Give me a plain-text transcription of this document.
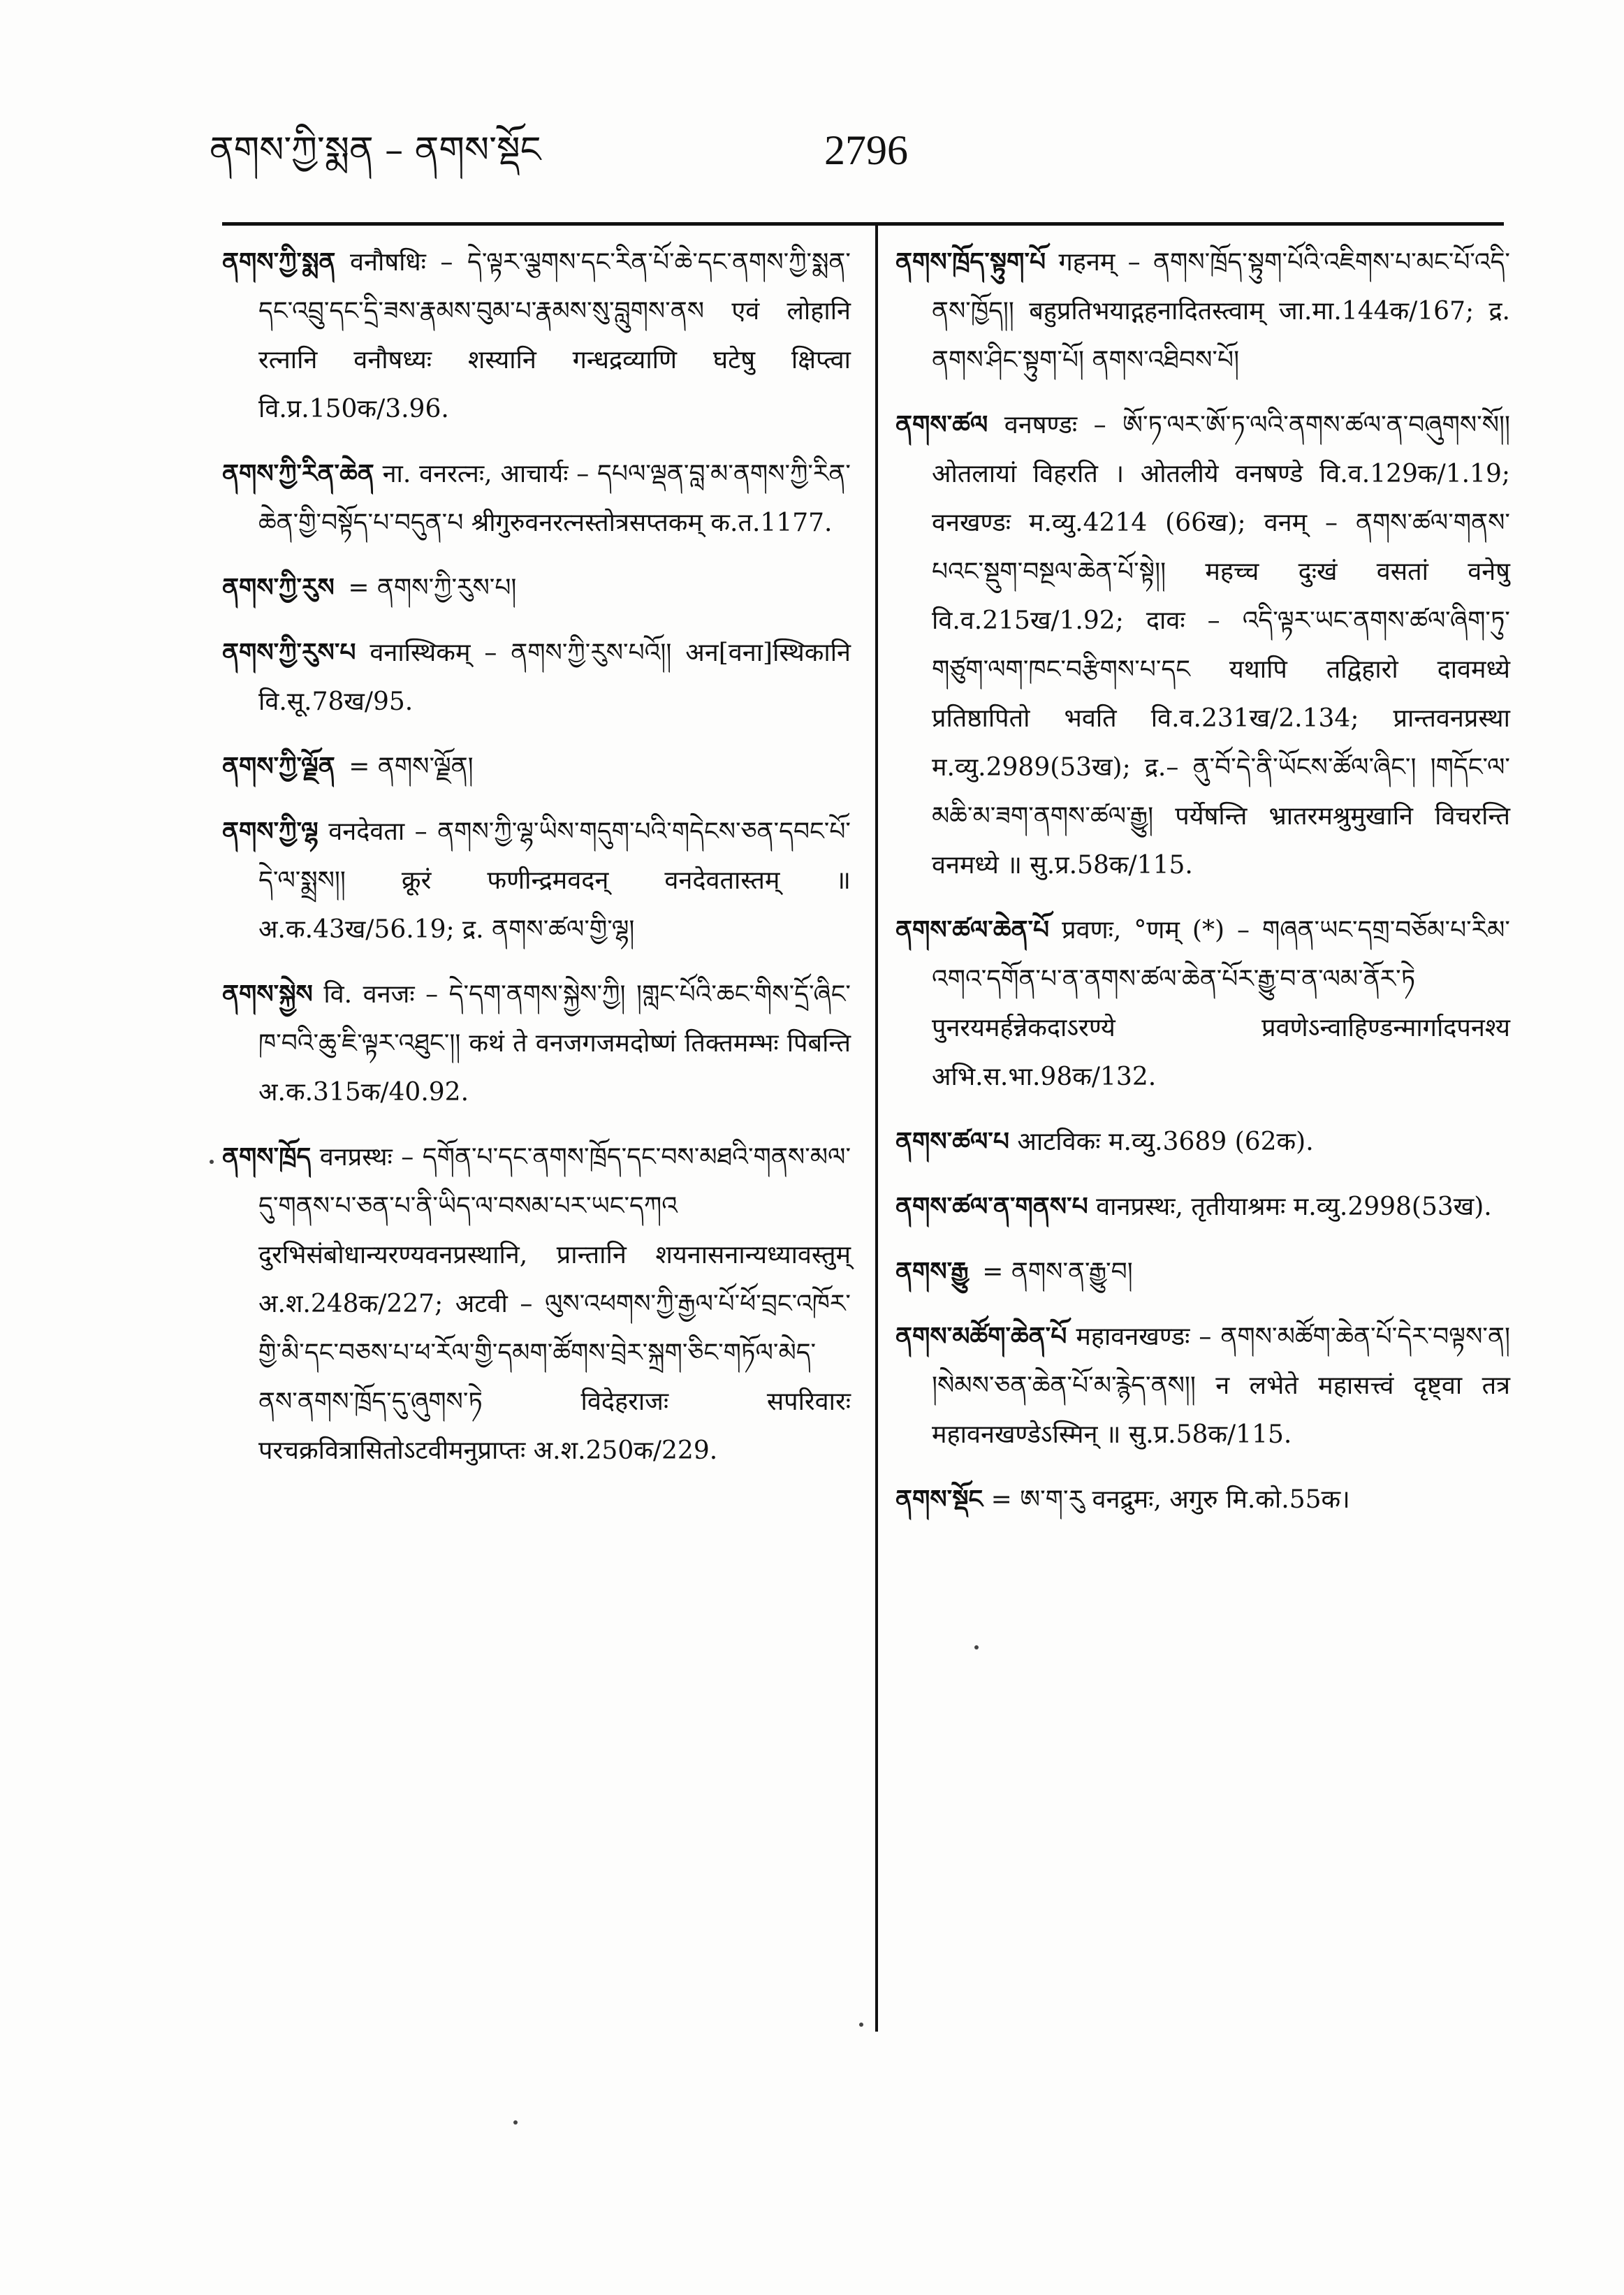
ནགས་ཀྱི་སྨན – ནགས་སྡོང	2796

ནགས་ཀྱི་སྨན वनौषधिः – དེ་ལྟར་ལྕགས་དང་རིན་པོ་ཆེ་དང་ནགས་ཀྱི་སྨན་དང་འབྲུ་དང་དྲི་ཟས་རྣམས་བུམ་པ་རྣམས་སུ་བླུགས་ནས एवं लोहानि रत्नानि वनौषध्यः शस्यानि गन्धद्रव्याणि घटेषु क्षिप्त्वा वि.प्र.150क/3.96.

ནགས་ཀྱི་རིན་ཆེན ना. वनरत्नः, आचार्यः – དཔལ་ལྡན་བླ་མ་ནགས་ཀྱི་རིན་ཆེན་གྱི་བསྟོད་པ་བདུན་པ श्रीगुरुवनरत्नस्तोत्रसप्तकम् क.त.1177.

ནགས་ཀྱི་རུས = ནགས་ཀྱི་རུས་པ།

ནགས་ཀྱི་རུས་པ वनास्थिकम् – ནགས་ཀྱི་རུས་པའོ།། अन[वना]स्थिकानि वि.सू.78ख/95.

ནགས་ཀྱི་ལྗོན = ནགས་ལྗོན།

ནགས་ཀྱི་ལྷ वनदेवता – ནགས་ཀྱི་ལྷ་ཡིས་གདུག་པའི་གདེངས་ཅན་དབང་པོ་དེ་ལ་སྨྲས།། क्रूरं फणीन्द्रमवदन् वनदेवतास्तम् ॥ अ.क.43ख/56.19; द्र. ནགས་ཚལ་གྱི་ལྷ།

ནགས་སྐྱེས वि. वनजः – དེ་དག་ནགས་སྐྱེས་ཀྱི། །གླང་པོའི་ཆང་གིས་དྲོ་ཞིང་ཁ་བའི་ཆུ་ཇི་ལྟར་འཐུང༌།། कथं ते वनजगजमदोष्णं तिक्तमम्भः पिबन्ति अ.क.315क/40.92.

ནགས་ཁྲོད वनप्रस्थः – དགོན་པ་དང་ནགས་ཁྲོད་དང་བས་མཐའི་གནས་མལ་དུ་གནས་པ་ཅན་པ་ནི་ཡིད་ལ་བསམ་པར་ཡང་དཀའ दुरभिसंबोधान्यरण्यवनप्रस्थानि, प्रान्तानि शयनासनान्यध्यावस्तुम् अ.श.248क/227; अटवी – ལུས་འཕགས་ཀྱི་རྒྱལ་པོ་ཕོ་བྲང་འཁོར་གྱི་མི་དང་བཅས་པ་ཕ་རོལ་གྱི་དམག་ཚོགས་བྲེར་སྐྲག་ཅིང་གཏོལ་མེད་ནས་ནགས་ཁྲོད་དུ་ཞུགས་ཏེ विदेहराजः सपरिवारः परचक्रवित्रासितोऽटवीमनुप्राप्तः अ.श.250क/229.

ནགས་ཁྲོད་སྟུག་པོ गहनम् – ནགས་ཁྲོད་སྟུག་པོའི་འཇིགས་པ་མང་པོ་འདི་ནས་ཁྱོད།། बहुप्रतिभयाद्गहनादितस्त्वाम् जा.मा.144क/167; द्र. ནགས་ཤིང་སྟུག་པོ། ནགས་འཐིབས་པོ།

ནགས་ཚལ वनषण्डः – ཨོ་ཏ་ལར་ཨོ་ཏ་ལའི་ནགས་ཚལ་ན་བཞུགས་སོ།། ओतलायां विहरति । ओतलीये वनषण्डे वि.व.129क/1.19; वनखण्डः म.व्यु.4214 (66ख); वनम् – ནགས་ཚལ་གནས་པའང་སྡུག་བསྔལ་ཆེན་པོ་སྟེ།། महच्च दुःखं वसतां वनेषु वि.व.215ख/1.92; दावः – འདི་ལྟར་ཡང་ནགས་ཚལ་ཞིག་ཏུ་གཙུག་ལག་ཁང་བརྩིགས་པ་དང यथापि तद्विहारो दावमध्ये प्रतिष्ठापितो भवति वि.व.231ख/2.134; प्रान्तवनप्रस्था म.व्यु.2989(53ख); द्र.– ནུ་བོ་དེ་ནི་ཡོངས་ཚོལ་ཞིང་། །གདོང་ལ་མཆི་མ་ཟག་ནགས་ཚལ་རྒྱུ། पर्येषन्ति भ्रातरमश्रुमुखानि विचरन्ति वनमध्ये ॥ सु.प्र.58क/115.

ནགས་ཚལ་ཆེན་པོ प्रवणः, °णम् (*) – གཞན་ཡང་དགྲ་བཅོམ་པ་རིམ་འགའ་དགོན་པ་ན་ནགས་ཚལ་ཆེན་པོར་རྒྱུ་བ་ན་ལམ་ནོར་ཏེ पुनरयमर्हन्नेकदाऽरण्ये प्रवणेऽन्वाहिण्डन्मार्गादपनश्य अभि.स.भा.98क/132.

ནགས་ཚལ་པ आटविकः म.व्यु.3689 (62क).

ནགས་ཚལ་ན་གནས་པ वानप्रस्थः, तृतीयाश्रमः म.व्यु.2998(53ख).

ནགས་རྒྱུ = ནགས་ན་རྒྱུ་བ།

ནགས་མཚོག་ཆེན་པོ महावनखण्डः – ནགས་མཚོག་ཆེན་པོ་དེར་བལྟས་ན། །སེམས་ཅན་ཆེན་པོ་མ་རྙེད་ནས།། न लभेते महासत्त्वं दृष्ट्वा तत्र महावनखण्डेऽस्मिन् ॥ सु.प्र.58क/115.

ནགས་སྡོང = ཨ་ག་རུ वनद्रुमः, अगुरु मि.को.55क।
